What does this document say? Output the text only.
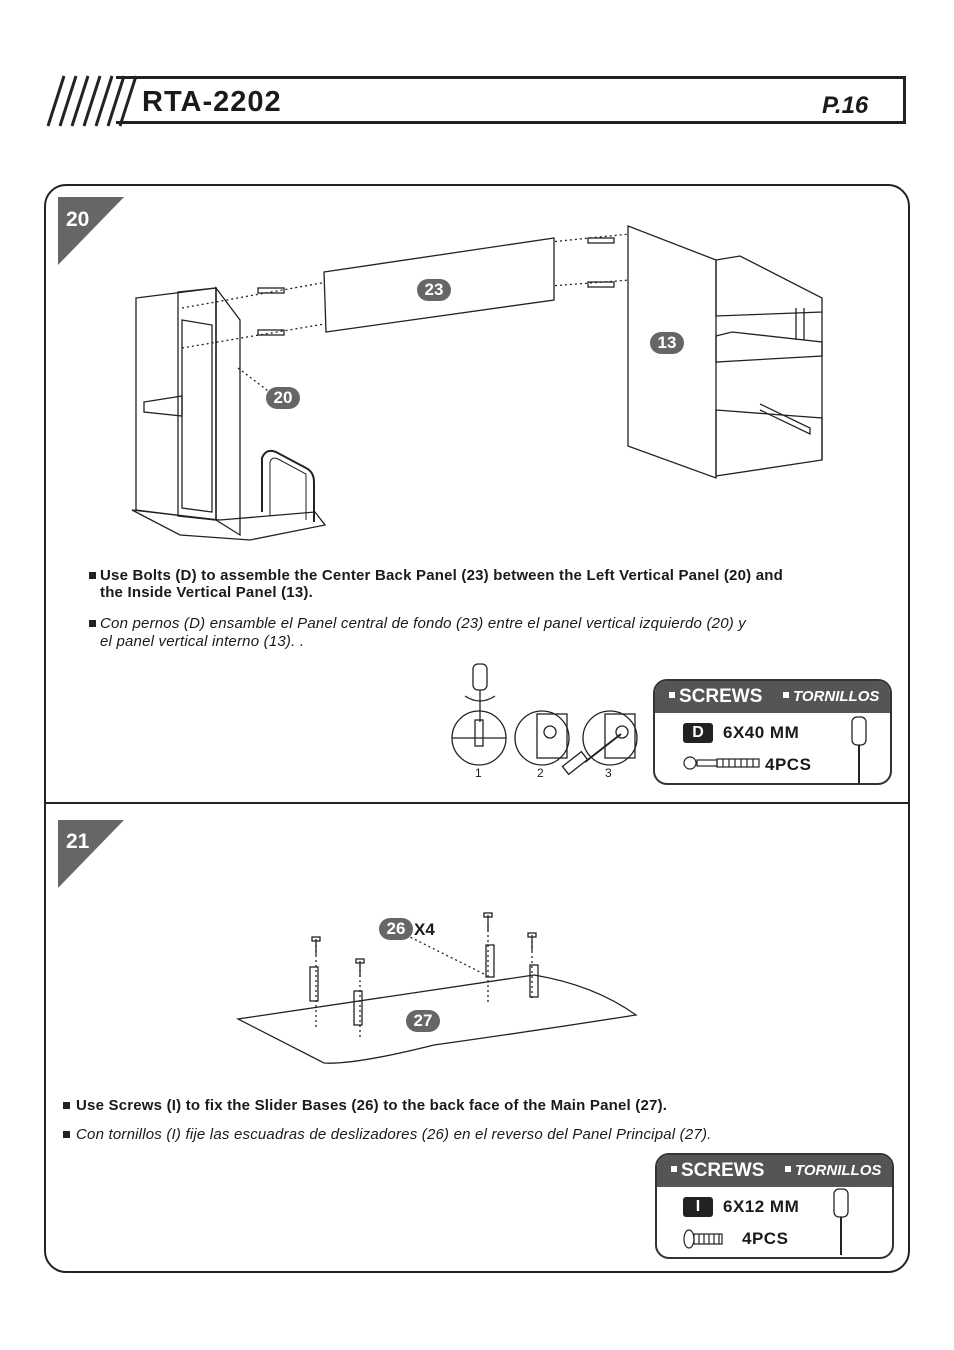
RTA-2202	P.16
20
23
13
20
Use Bolts (D) to assemble the Center Back Panel (23) between the Left Vertical Panel (20) and
the Inside Vertical Panel (13).
Con pernos (D) ensamble el Panel central de fondo (23) entre el panel vertical izquierdo (20) y
el panel vertical interno (13). .
1	2	3
SCREWS	TORNILLOS
D	6X40 MM
4PCS
21
26 X4
27
Use Screws (I) to fix the Slider Bases (26) to the back face of the Main Panel (27).
Con tornillos (I) fije las escuadras de deslizadores (26) en el reverso del Panel Principal (27).
SCREWS	TORNILLOS
I	6X12 MM
4PCS
